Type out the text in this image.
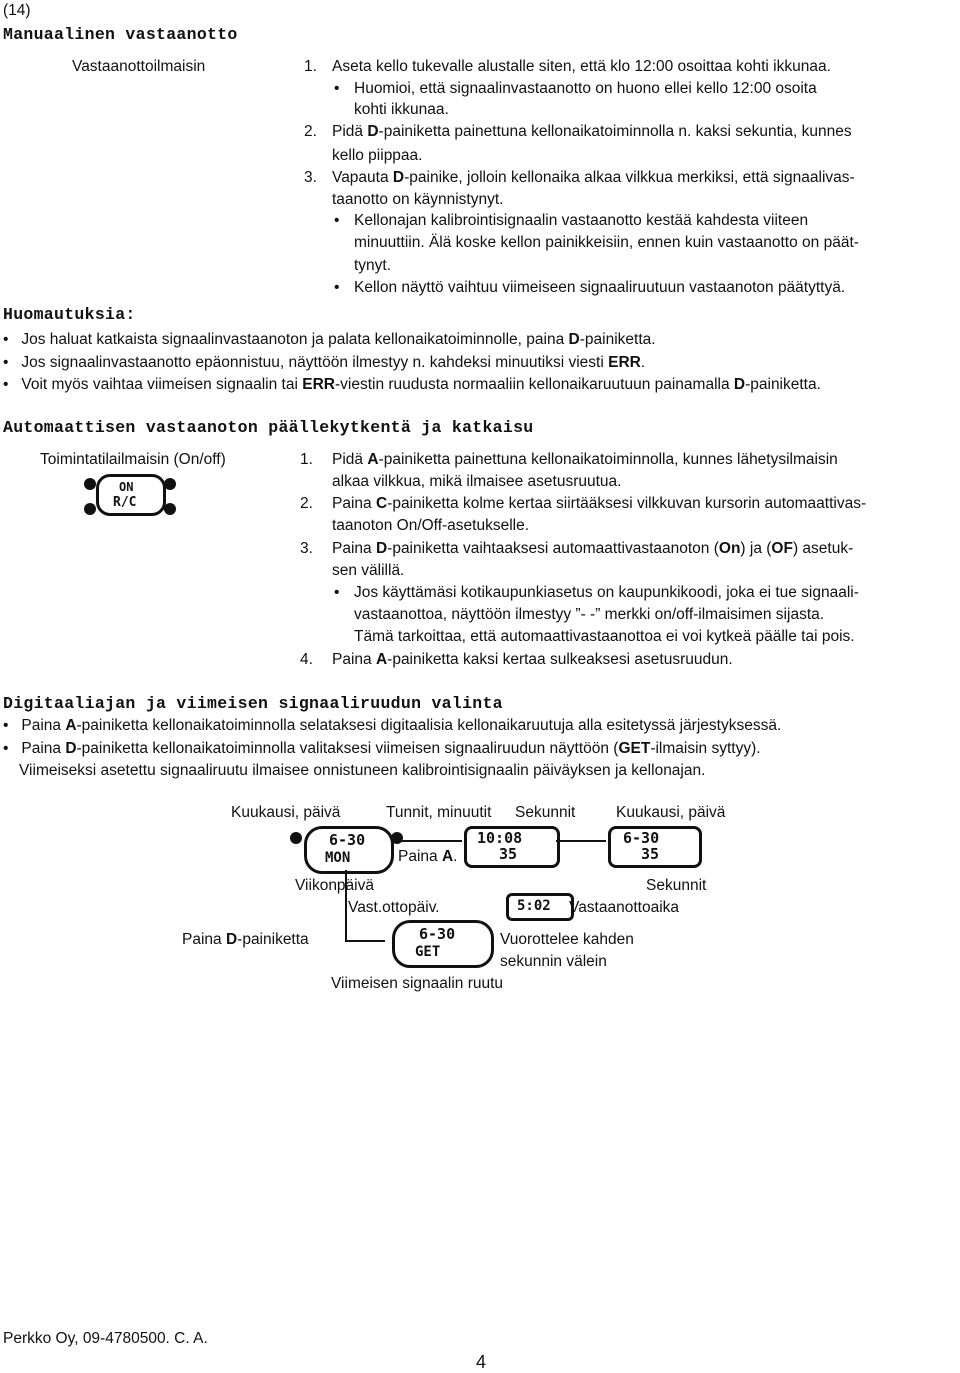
(14)
Manuaalinen vastaanotto
Vastaanottoilmaisin	1. Aseta kello tukevalle alustalle siten, että klo 12:00 osoittaa kohti ikkunaa.
• Huomioi, että signaalinvastaanotto on huono ellei kello 12:00 osoita
kohti ikkunaa.
2. Pidä D-painiketta painettuna kellonaikatoiminnolla n. kaksi sekuntia, kunnes
kello piippaa.
3. Vapauta D-painike, jolloin kellonaika alkaa vilkkua merkiksi, että signaalivas-
taanotto on käynnistynyt.
• Kellonajan kalibrointisignaalin vastaanotto kestää kahdesta viiteen
minuuttiin. Älä koske kellon painikkeisiin, ennen kuin vastaanotto on päät-
tynyt.
• Kellon näyttö vaihtuu viimeiseen signaaliruutuun vastaanoton päätyttyä.
Huomautuksia:
•   Jos haluat katkaista signaalinvastaanoton ja palata kellonaikatoiminnolle, paina D-painiketta.
•   Jos signaalinvastaanotto epäonnistuu, näyttöön ilmestyy n. kahdeksi minuutiksi viesti ERR.
•   Voit myös vaihtaa viimeisen signaalin tai ERR-viestin ruudusta normaaliin kellonaikaruutuun painamalla D-painiketta.
Automaattisen vastaanoton päällekytkentä ja katkaisu
Toimintatilailmaisin (On/off)
ON
R/C
1. Pidä A-painiketta painettuna kellonaikatoiminnolla, kunnes lähetysilmaisin
alkaa vilkkua, mikä ilmaisee asetusruutua.
2. Paina C-painiketta kolme kertaa siirtääksesi vilkkuvan kursorin automaattivas-
taanoton On/Off-asetukselle.
3. Paina D-painiketta vaihtaaksesi automaattivastaanoton (On) ja (OF) asetuk-
sen välillä.
• Jos käyttämäsi kotikaupunkiasetus on kaupunkikoodi, joka ei tue signaali-
vastaanottoa, näyttöön ilmestyy ”- -” merkki on/off-ilmaisimen sijasta.
Tämä tarkoittaa, että automaattivastaanottoa ei voi kytkeä päälle tai pois.
4. Paina A-painiketta kaksi kertaa sulkeaksesi asetusruudun.
Digitaaliajan ja viimeisen signaaliruudun valinta
•   Paina A-painiketta kellonaikatoiminnolla selataksesi digitaalisia kellonaikaruutuja alla esitetyssä järjestyksessä.
•   Paina D-painiketta kellonaikatoiminnolla valitaksesi viimeisen signaaliruudun näyttöön (GET-ilmaisin syttyy).
Viimeiseksi asetettu signaaliruutu ilmaisee onnistuneen kalibrointisignaalin päiväyksen ja kellonajan.
Kuukausi, päivä	Tunnit, minuutit Sekunnit	Kuukausi, päivä
6-30
MON
10:08
35
6-30
35
Paina A.
Viikonpäivä	Sekunnit
5:02
Vast.ottopäiv.	Vastaanottoaika
Paina D-painiketta	6-30
GET
Vuorottelee kahden
sekunnin välein
Viimeisen signaalin ruutu
Perkko Oy, 09-4780500. C. A.
4
